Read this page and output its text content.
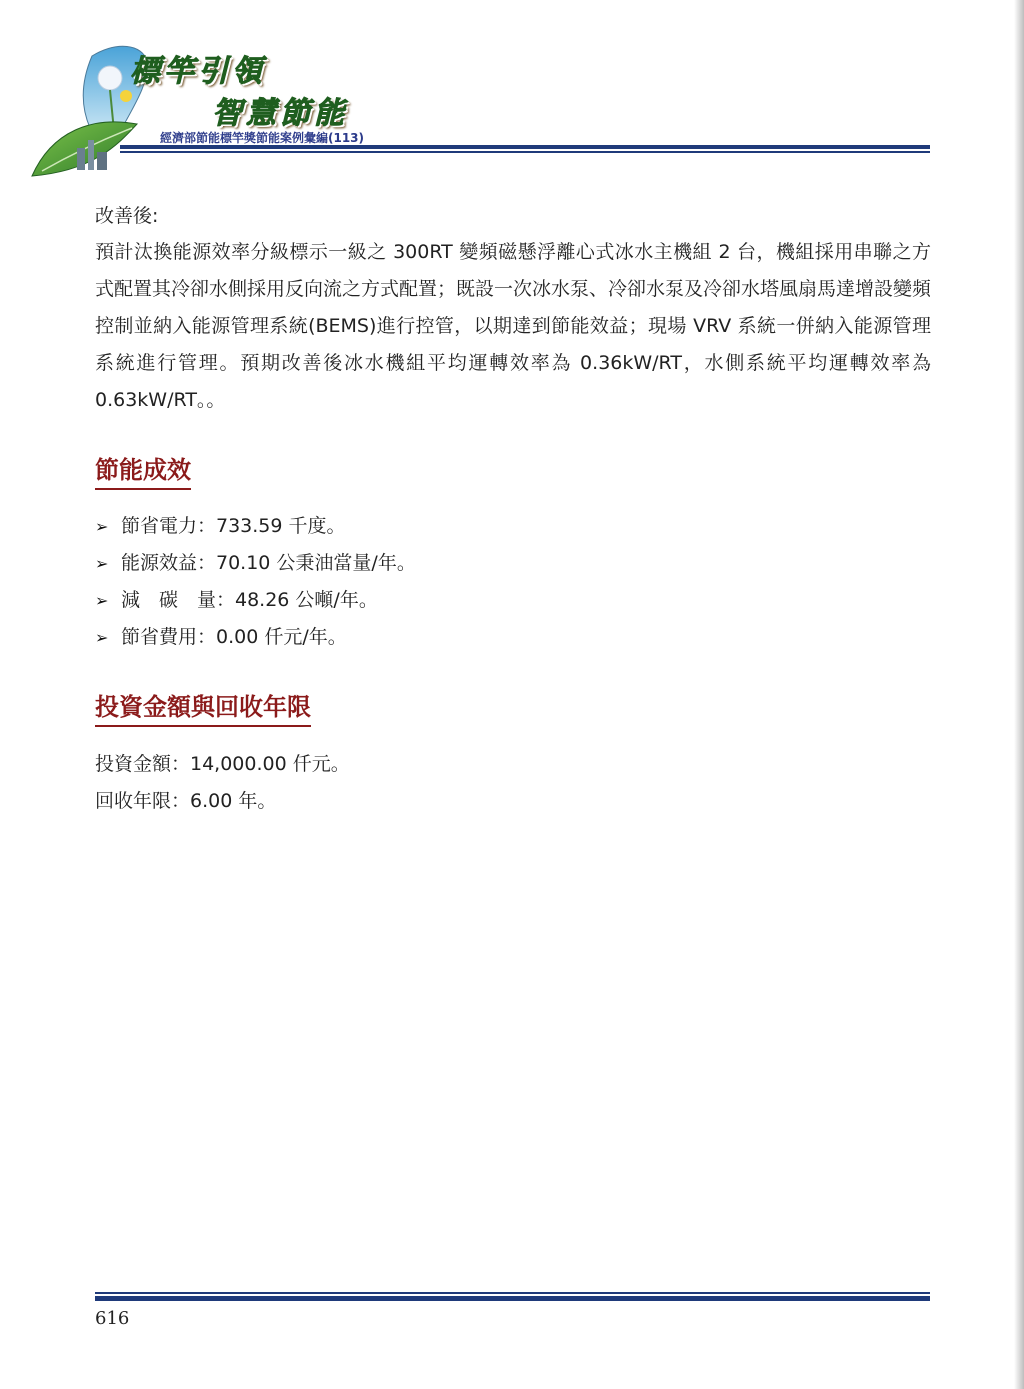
標竿引領
智慧節能
經濟部節能標竿獎節能案例彙編(113)
改善後:
預計汰換能源效率分級標示一級之 300RT 變頻磁懸浮離心式冰水主機組 2 台，機組採用串聯之方式配置其冷卻水側採用反向流之方式配置；既設一次冰水泵、冷卻水泵及冷卻水塔風扇馬達增設變頻控制並納入能源管理系統(BEMS)進行控管，以期達到節能效益；現場 VRV 系統一併納入能源管理系統進行管理。預期改善後冰水機組平均運轉效率為 0.36kW/RT，水側系統平均運轉效率為 0.63kW/RT。。
節能成效
➢ 節省電力：733.59 千度。
➢ 能源效益：70.10 公秉油當量/年。
➢ 減　碳　量：48.26 公噸/年。
➢ 節省費用：0.00 仟元/年。
投資金額與回收年限
投資金額：14,000.00 仟元。
回收年限：6.00 年。
616
